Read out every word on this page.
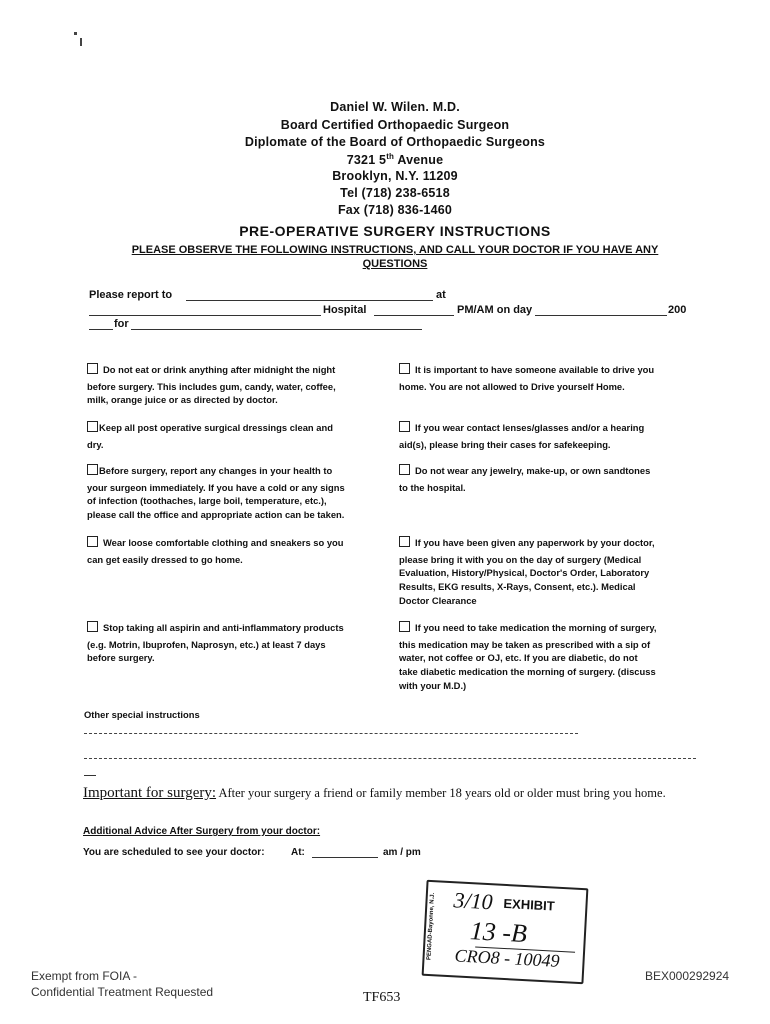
Daniel W. Wilen. M.D.
Board Certified Orthopaedic Surgeon
Diplomate of the Board of Orthopaedic Surgeons
7321 5th Avenue
Brooklyn, N.Y. 11209
Tel (718) 238-6518
Fax (718) 836-1460
PRE-OPERATIVE SURGERY INSTRUCTIONS
PLEASE OBSERVE THE FOLLOWING INSTRUCTIONS, AND CALL YOUR DOCTOR IF YOU HAVE ANY
QUESTIONS
Please report to	at
Hospital	PM/AM on day	200
for

Do not eat or drink anything after midnight the night

before surgery. This includes gum, candy, water, coffee,

milk, orange juice or as directed by doctor.

Keep all post operative surgical dressings clean and

dry.

Before surgery, report any changes in your health to

your surgeon immediately. If you have a cold or any signs

of infection (toothaches, large boil, temperature, etc.),

please call the office and appropriate action can be taken.

Wear loose comfortable clothing and sneakers so you

can get easily dressed to go home.

Stop taking all aspirin and anti-inflammatory products

(e.g. Motrin, Ibuprofen, Naprosyn, etc.) at least 7 days

before surgery.

It is important to have someone available to drive you

home. You are not allowed to Drive yourself Home.

If you wear contact lenses/glasses and/or a hearing

aid(s), please bring their cases for safekeeping.

Do not wear any jewelry, make-up, or own sandtones

to the hospital.

If you have been given any paperwork by your doctor,

please bring it with you on the day of surgery (Medical

Evaluation, History/Physical, Doctor's Order, Laboratory

Results, EKG results, X-Rays, Consent, etc.). Medical

Doctor Clearance

If you need to take medication the morning of surgery,

this medication may be taken as prescribed with a sip of

water, not coffee or OJ, etc. If you are diabetic, do not

take diabetic medication the morning of surgery. (discuss

with your M.D.)

Other special instructions
Important for surgery: After your surgery a friend or family member 18 years old or older must bring you home.
Additional Advice After Surgery from your doctor:
You are scheduled to see your doctor:	At:	am / pm
PENGAD-Bayonne, N.J. 3/10 EXHIBIT
13 -B
CRO8 - 10049
Exempt from FOIA -
Confidential Treatment Requested	TF653
BEX000292924
